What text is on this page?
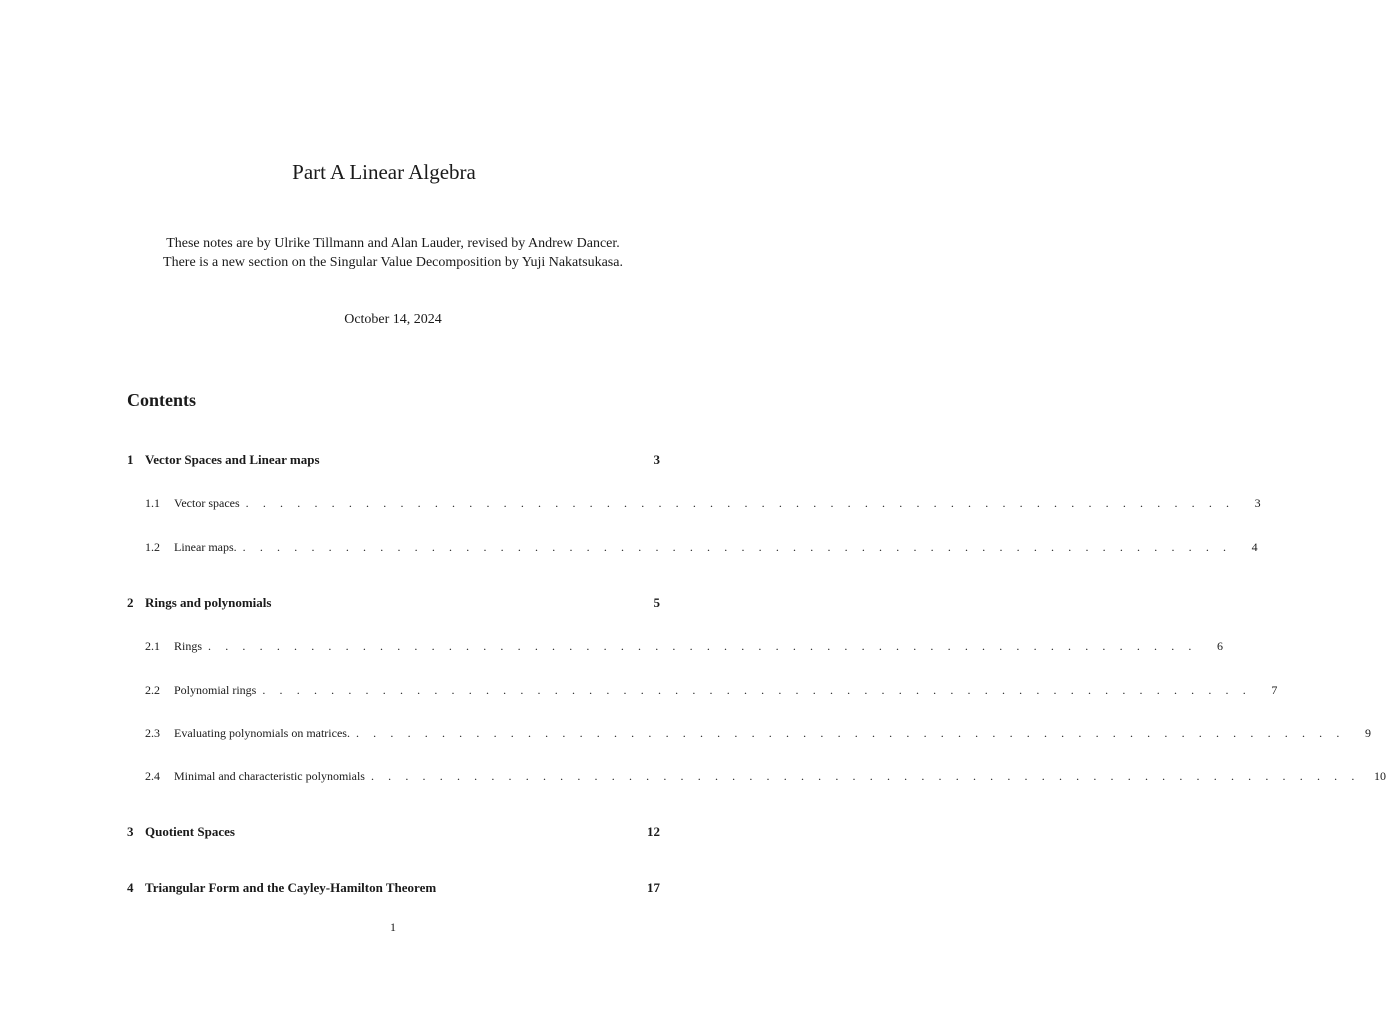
Part A Linear Algebra
These notes are by Ulrike Tillmann and Alan Lauder, revised by Andrew Dancer.
There is a new section on the Singular Value Decomposition by Yuji Nakatsukasa.
October 14, 2024
Contents
1 Vector Spaces and Linear maps	3
1.1	Vector spaces . . . . . . . . . . . . . . . . . . . . . . . . . . . . . . . . . . . . . . . . . . . . . . . . . . . . . . . . . .	3
1.2	Linear maps. . . . . . . . . . . . . . . . . . . . . . . . . . . . . . . . . . . . . . . . . . . . . . . . . . . . . . . . . . .	4
2 Rings and polynomials	5
2.1	Rings . . . . . . . . . . . . . . . . . . . . . . . . . . . . . . . . . . . . . . . . . . . . . . . . . . . . . . . . . .	6
2.2	Polynomial rings . . . . . . . . . . . . . . . . . . . . . . . . . . . . . . . . . . . . . . . . . . . . . . . . . . . . . . . . . .	7
2.3	Evaluating polynomials on matrices. . . . . . . . . . . . . . . . . . . . . . . . . . . . . . . . . . . . . . . . . . . . . . . . . . . . . . . . . . .	9
2.4	Minimal and characteristic polynomials . . . . . . . . . . . . . . . . . . . . . . . . . . . . . . . . . . . . . . . . . . . . . . . . . . . . . . . . . .	10
3 Quotient Spaces	12
4 Triangular Form and the Cayley-Hamilton Theorem	17
1
